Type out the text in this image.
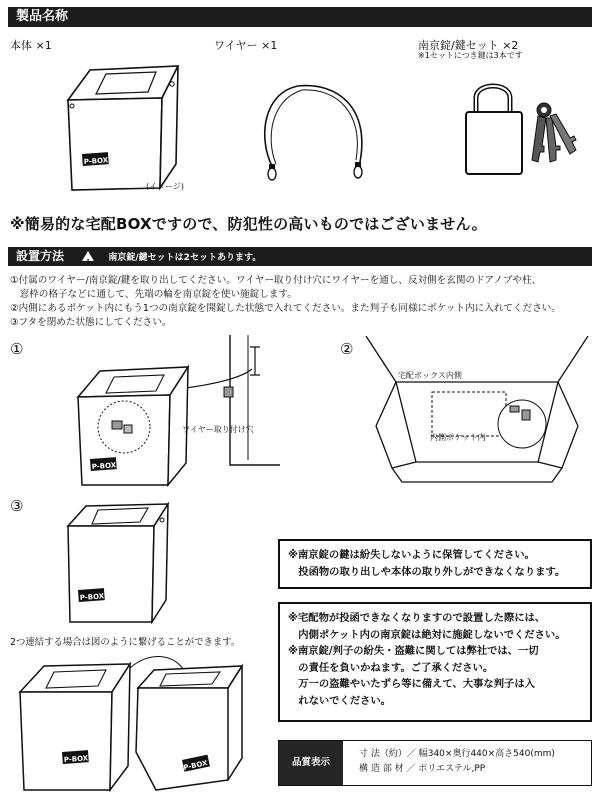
製品名称
本体 ×1	ワイヤー ×1	南京錠/鍵セット ×2
※1セットにつき鍵は3本です
P-BOX
(イメージ)
※簡易的な宅配BOXですので、防犯性の高いものではございません。
設置方法	! 南京錠/鍵セットは2セットあります。
①付属のワイヤー/南京錠/鍵を取り出してください。ワイヤー取り付け穴にワイヤーを通し、反対側を玄関のドアノブや柱、
　窓枠の格子などに通して、先端の輪を南京錠を使い施錠します。
②内側にあるポケット内にもう1つの南京錠を開錠した状態で入れてください。また判子も同様にポケット内に入れてください。
③フタを閉めた状態にしてください。
①
P-BOX
ワイヤー取り付け穴
②
宅配ボックス内側
内側ポケット内
③
P-BOX
2つ連結する場合は図のように繋げることができます。
P-BOX	P-BOX
※南京錠の鍵は紛失しないように保管してください。
　投函物の取り出しや本体の取り外しができなくなります。
※宅配物が投函できなくなりますので設置した際には、
　内側ポケット内の南京錠は絶対に施錠しないでください。
※南京錠/判子の紛失・盗難に関しては弊社では、一切
　の責任を負いかねます。ご了承ください。
　万一の盗難やいたずら等に備えて、大事な判子は入
　れないでください。
品質表示
寸 法（約）／ 幅340×奥行440×高さ540(mm)
構 造 部 材 ／ ポリエステル,PP
